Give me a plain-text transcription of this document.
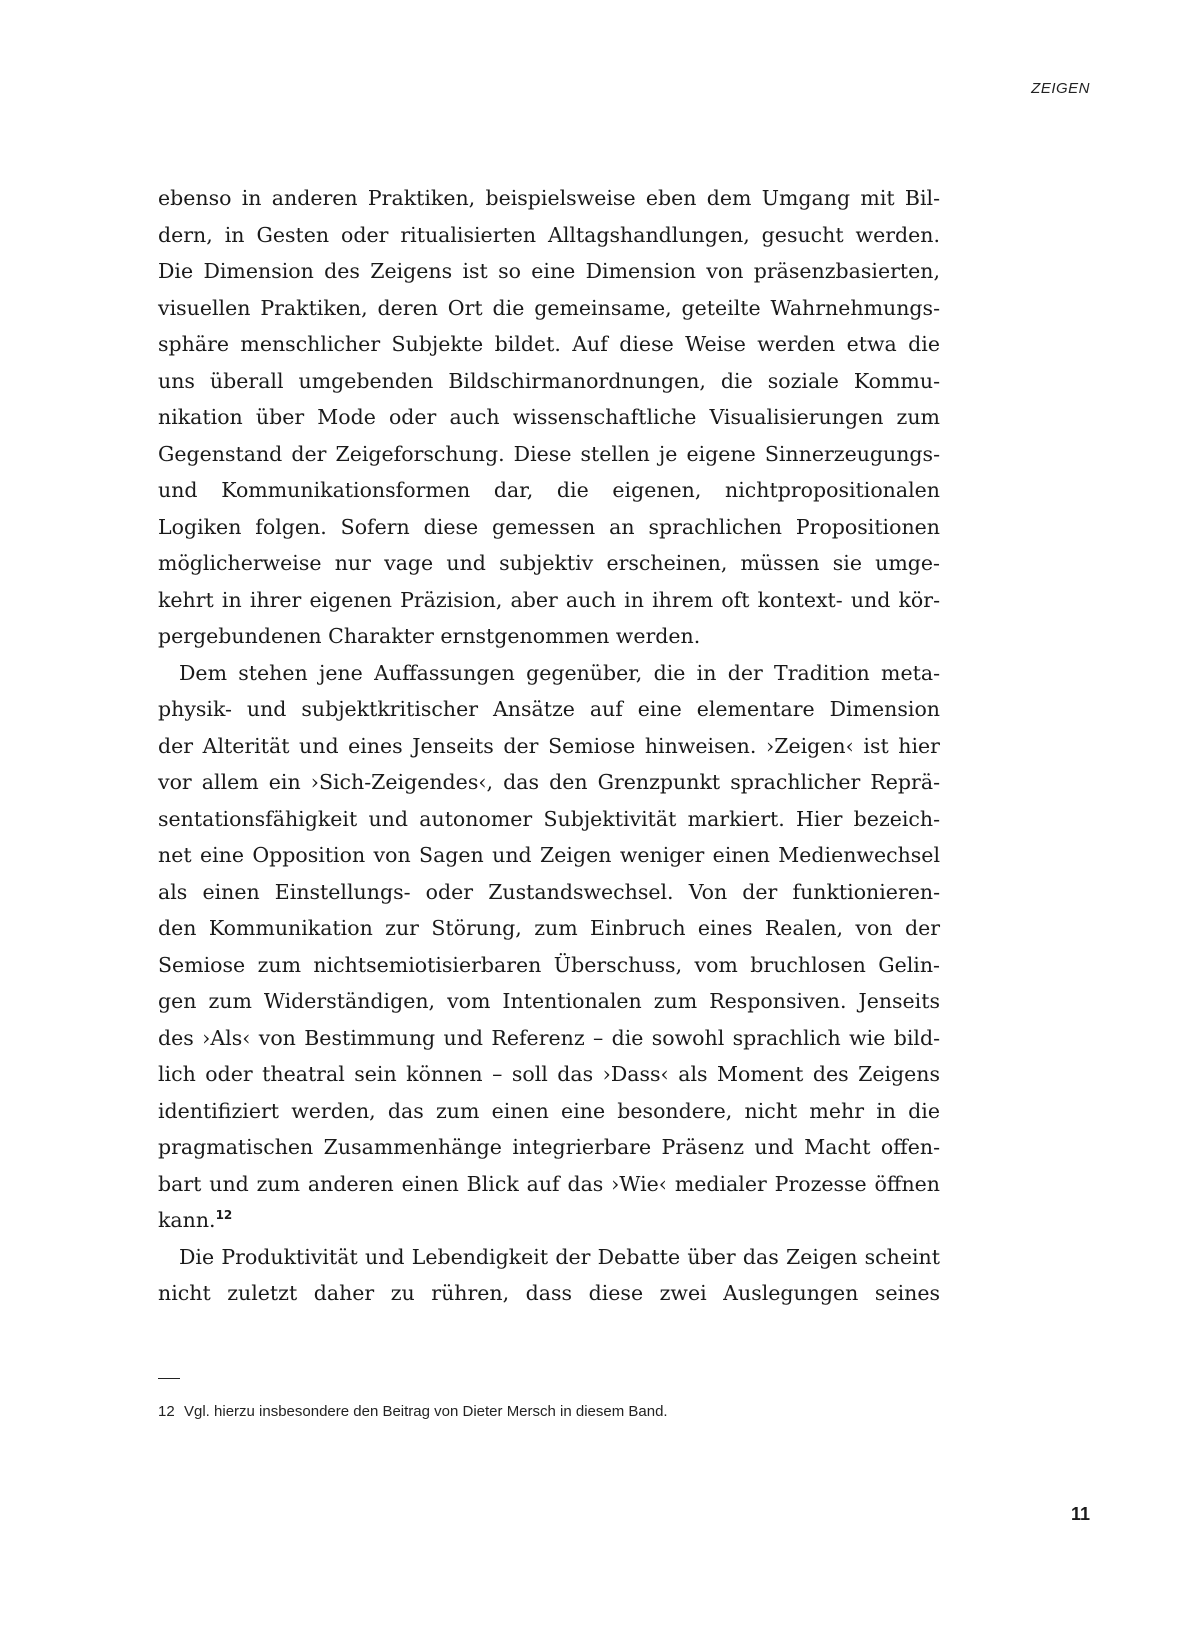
ZEIGEN
ebenso in anderen Praktiken, beispielsweise eben dem Umgang mit Bil-
dern, in Gesten oder ritualisierten Alltagshandlungen, gesucht werden.
Die Dimension des Zeigens ist so eine Dimension von präsenzbasierten,
visuellen Praktiken, deren Ort die gemeinsame, geteilte Wahrnehmungs-
sphäre menschlicher Subjekte bildet. Auf diese Weise werden etwa die
uns überall umgebenden Bildschirmanordnungen, die soziale Kommu-
nikation über Mode oder auch wissenschaftliche Visualisierungen zum
Gegenstand der Zeigeforschung. Diese stellen je eigene Sinnerzeugungs-
und Kommunikationsformen dar, die eigenen, nichtpropositionalen
Logiken folgen. Sofern diese gemessen an sprachlichen Propositionen
möglicherweise nur vage und subjektiv erscheinen, müssen sie umge-
kehrt in ihrer eigenen Präzision, aber auch in ihrem oft kontext- und kör-
pergebundenen Charakter ernstgenommen werden.
Dem stehen jene Auffassungen gegenüber, die in der Tradition meta-
physik- und subjektkritischer Ansätze auf eine elementare Dimension
der Alterität und eines Jenseits der Semiose hinweisen. ›Zeigen‹ ist hier
vor allem ein ›Sich-Zeigendes‹, das den Grenzpunkt sprachlicher Reprä-
sentationsfähigkeit und autonomer Subjektivität markiert. Hier bezeich-
net eine Opposition von Sagen und Zeigen weniger einen Medienwechsel
als einen Einstellungs- oder Zustandswechsel. Von der funktionieren-
den Kommunikation zur Störung, zum Einbruch eines Realen, von der
Semiose zum nichtsemiotisierbaren Überschuss, vom bruchlosen Gelin-
gen zum Widerständigen, vom Intentionalen zum Responsiven. Jenseits
des ›Als‹ von Bestimmung und Referenz – die sowohl sprachlich wie bild-
lich oder theatral sein können – soll das ›Dass‹ als Moment des Zeigens
identifiziert werden, das zum einen eine besondere, nicht mehr in die
pragmatischen Zusammenhänge integrierbare Präsenz und Macht offen-
bart und zum anderen einen Blick auf das ›Wie‹ medialer Prozesse öffnen
kann.$^{12}$
Die Produktivität und Lebendigkeit der Debatte über das Zeigen scheint
nicht zuletzt daher zu rühren, dass diese zwei Auslegungen seines
12 Vgl. hierzu insbesondere den Beitrag von Dieter Mersch in diesem Band.
11
